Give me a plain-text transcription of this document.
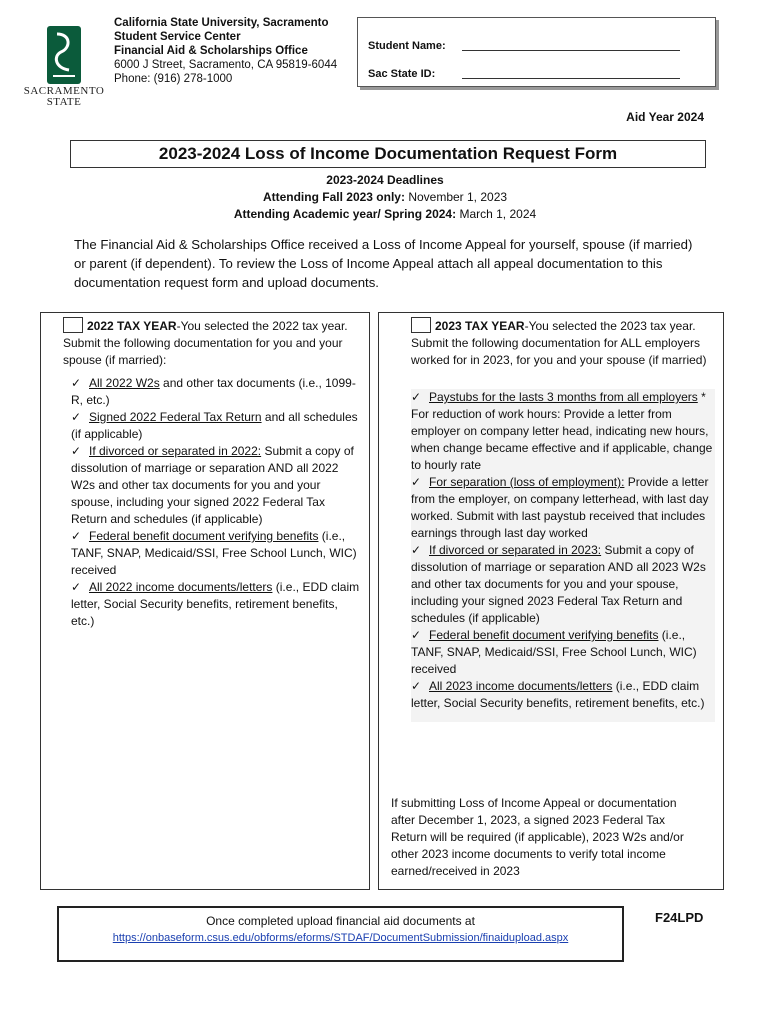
SACRAMENTO
STATE
California State University, Sacramento
Student Service Center
Financial Aid & Scholarships Office
6000 J Street, Sacramento, CA 95819-6044
Phone: (916) 278-1000
Student Name:
Sac State ID:
Aid Year 2024
2023-2024 Loss of Income Documentation Request Form
2023-2024 Deadlines
Attending Fall 2023 only: November 1, 2023
Attending Academic year/ Spring 2024: March 1, 2024
The Financial Aid & Scholarships Office received a Loss of Income Appeal for yourself, spouse (if married) or parent (if dependent). To review the Loss of Income Appeal attach all appeal documentation to this documentation request form and upload documents.
2022 TAX YEAR-You selected the 2022 tax year. Submit the following documentation for you and your spouse (if married):
✓ All 2022 W2s and other tax documents (i.e., 1099-R, etc.)
✓ Signed 2022 Federal Tax Return and all schedules (if applicable)
✓ If divorced or separated in 2022: Submit a copy of dissolution of marriage or separation AND all 2022 W2s and other tax documents for you and your spouse, including your signed 2022 Federal Tax Return and schedules (if applicable)
✓ Federal benefit document verifying benefits (i.e., TANF, SNAP, Medicaid/SSI, Free School Lunch, WIC) received
✓ All 2022 income documents/letters (i.e., EDD claim letter, Social Security benefits, retirement benefits, etc.)
2023 TAX YEAR-You selected the 2023 tax year. Submit the following documentation for ALL employers worked for in 2023, for you and your spouse (if married)
✓ Paystubs for the lasts 3 months from all employers * For reduction of work hours: Provide a letter from employer on company letter head, indicating new hours, when change became effective and if applicable, change to hourly rate
✓ For separation (loss of employment): Provide a letter from the employer, on company letterhead, with last day worked. Submit with last paystub received that includes earnings through last day worked
✓ If divorced or separated in 2023: Submit a copy of dissolution of marriage or separation AND all 2023 W2s and other tax documents for you and your spouse, including your signed 2023 Federal Tax Return and schedules (if applicable)
✓ Federal benefit document verifying benefits (i.e., TANF, SNAP, Medicaid/SSI, Free School Lunch, WIC) received
✓ All 2023 income documents/letters (i.e., EDD claim letter, Social Security benefits, retirement benefits, etc.)
If submitting Loss of Income Appeal or documentation after December 1, 2023, a signed 2023 Federal Tax Return will be required (if applicable), 2023 W2s and/or other 2023 income documents to verify total income earned/received in 2023
Once completed upload financial aid documents at
https://onbaseform.csus.edu/obforms/eforms/STDAF/DocumentSubmission/finaidupload.aspx
F24LPD
